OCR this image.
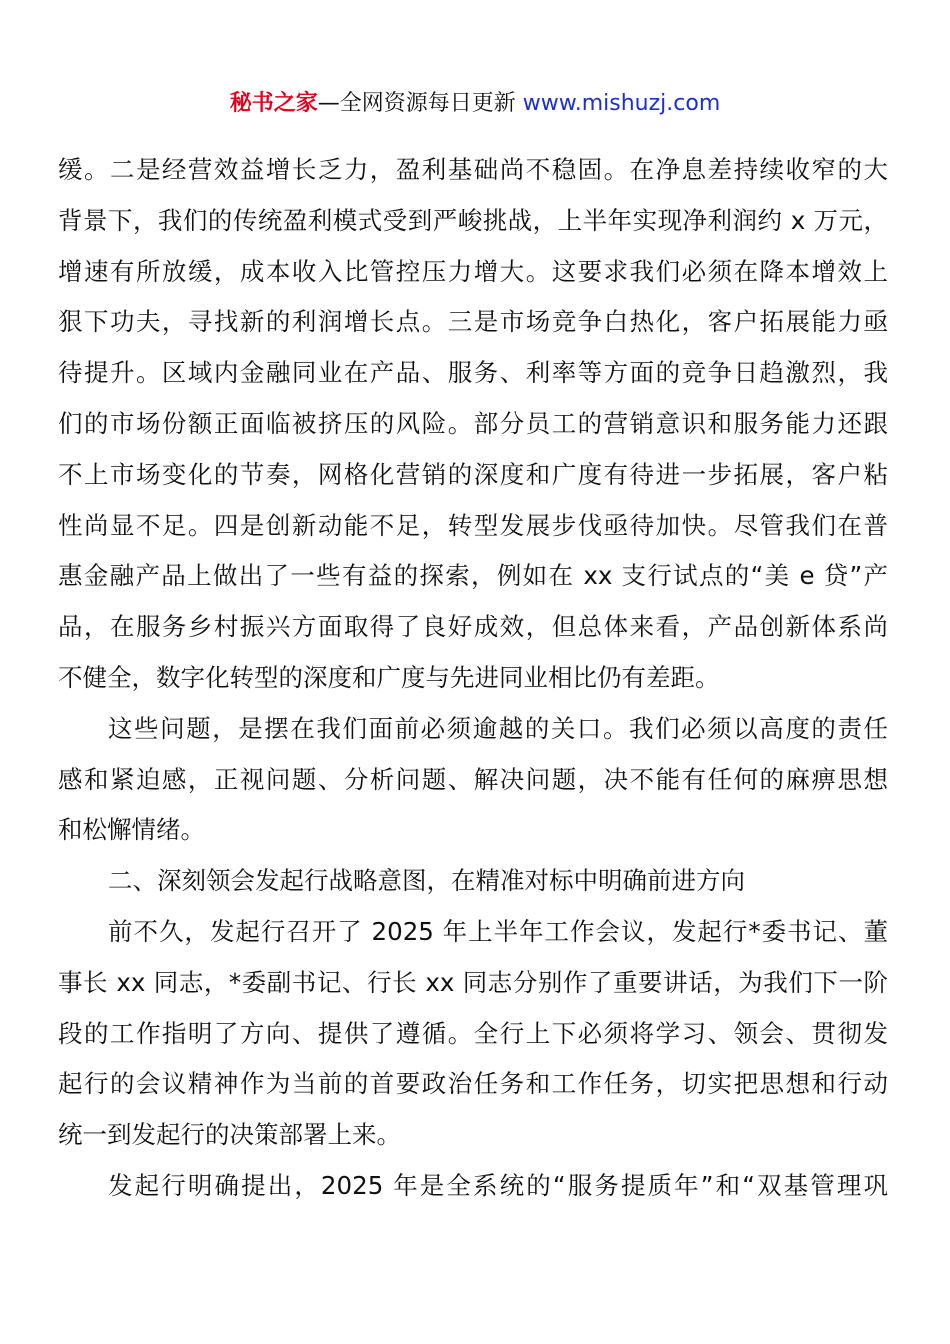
秘书之家—全网资源每日更新 www.mishuzj.com
缓。二是经营效益增长乏力，盈利基础尚不稳固。在净息差持续收窄的大
背景下，我们的传统盈利模式受到严峻挑战，上半年实现净利润约 x 万元，
增速有所放缓，成本收入比管控压力增大。这要求我们必须在降本增效上
狠下功夫，寻找新的利润增长点。三是市场竞争白热化，客户拓展能力亟
待提升。区域内金融同业在产品、服务、利率等方面的竞争日趋激烈，我
们的市场份额正面临被挤压的风险。部分员工的营销意识和服务能力还跟
不上市场变化的节奏，网格化营销的深度和广度有待进一步拓展，客户粘
性尚显不足。四是创新动能不足，转型发展步伐亟待加快。尽管我们在普
惠金融产品上做出了一些有益的探索，例如在 xx 支行试点的“美 e 贷”产
品，在服务乡村振兴方面取得了良好成效，但总体来看，产品创新体系尚
不健全，数字化转型的深度和广度与先进同业相比仍有差距。
这些问题，是摆在我们面前必须逾越的关口。我们必须以高度的责任
感和紧迫感，正视问题、分析问题、解决问题，决不能有任何的麻痹思想
和松懈情绪。
二、深刻领会发起行战略意图，在精准对标中明确前进方向
前不久，发起行召开了 2025 年上半年工作会议，发起行*委书记、董
事长 xx 同志，*委副书记、行长 xx 同志分别作了重要讲话，为我们下一阶
段的工作指明了方向、提供了遵循。全行上下必须将学习、领会、贯彻发
起行的会议精神作为当前的首要政治任务和工作任务，切实把思想和行动
统一到发起行的决策部署上来。
发起行明确提出，2025 年是全系统的“服务提质年”和“双基管理巩
